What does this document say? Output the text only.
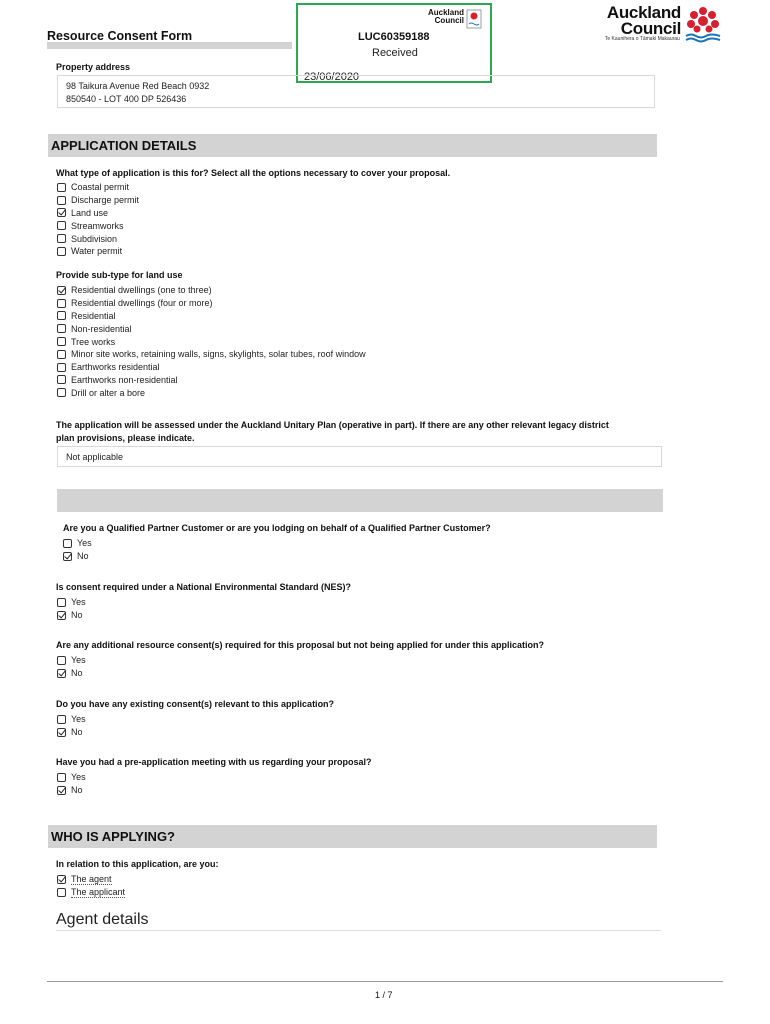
Resource Consent Form
Auckland
Council
LUC60359188
Received
23/06/2020
Auckland
Council
Te Kaunihera o Tāmaki Makaurau
Property address
98 Taikura Avenue Red Beach 0932
850540 - LOT 400 DP 526436
APPLICATION DETAILS
What type of application is this for? Select all the options necessary to cover your proposal.
Coastal permit
Discharge permit
Land use
Streamworks
Subdivision
Water permit
Provide sub-type for land use
Residential dwellings (one to three)
Residential dwellings (four or more)
Residential
Non-residential
Tree works
Minor site works, retaining walls, signs, skylights, solar tubes, roof window
Earthworks residential
Earthworks non-residential
Drill or alter a bore
The application will be assessed under the Auckland Unitary Plan (operative in part). If there are any other relevant legacy district
plan provisions, please indicate.
Not applicable
Are you a Qualified Partner Customer or are you lodging on behalf of a Qualified Partner Customer?
Yes
No
Is consent required under a National Environmental Standard (NES)?
Yes
No
Are any additional resource consent(s) required for this proposal but not being applied for under this application?
Yes
No
Do you have any existing consent(s) relevant to this application?
Yes
No
Have you had a pre-application meeting with us regarding your proposal?
Yes
No
WHO IS APPLYING?
In relation to this application, are you:
The agent
The applicant
Agent details
1 / 7
